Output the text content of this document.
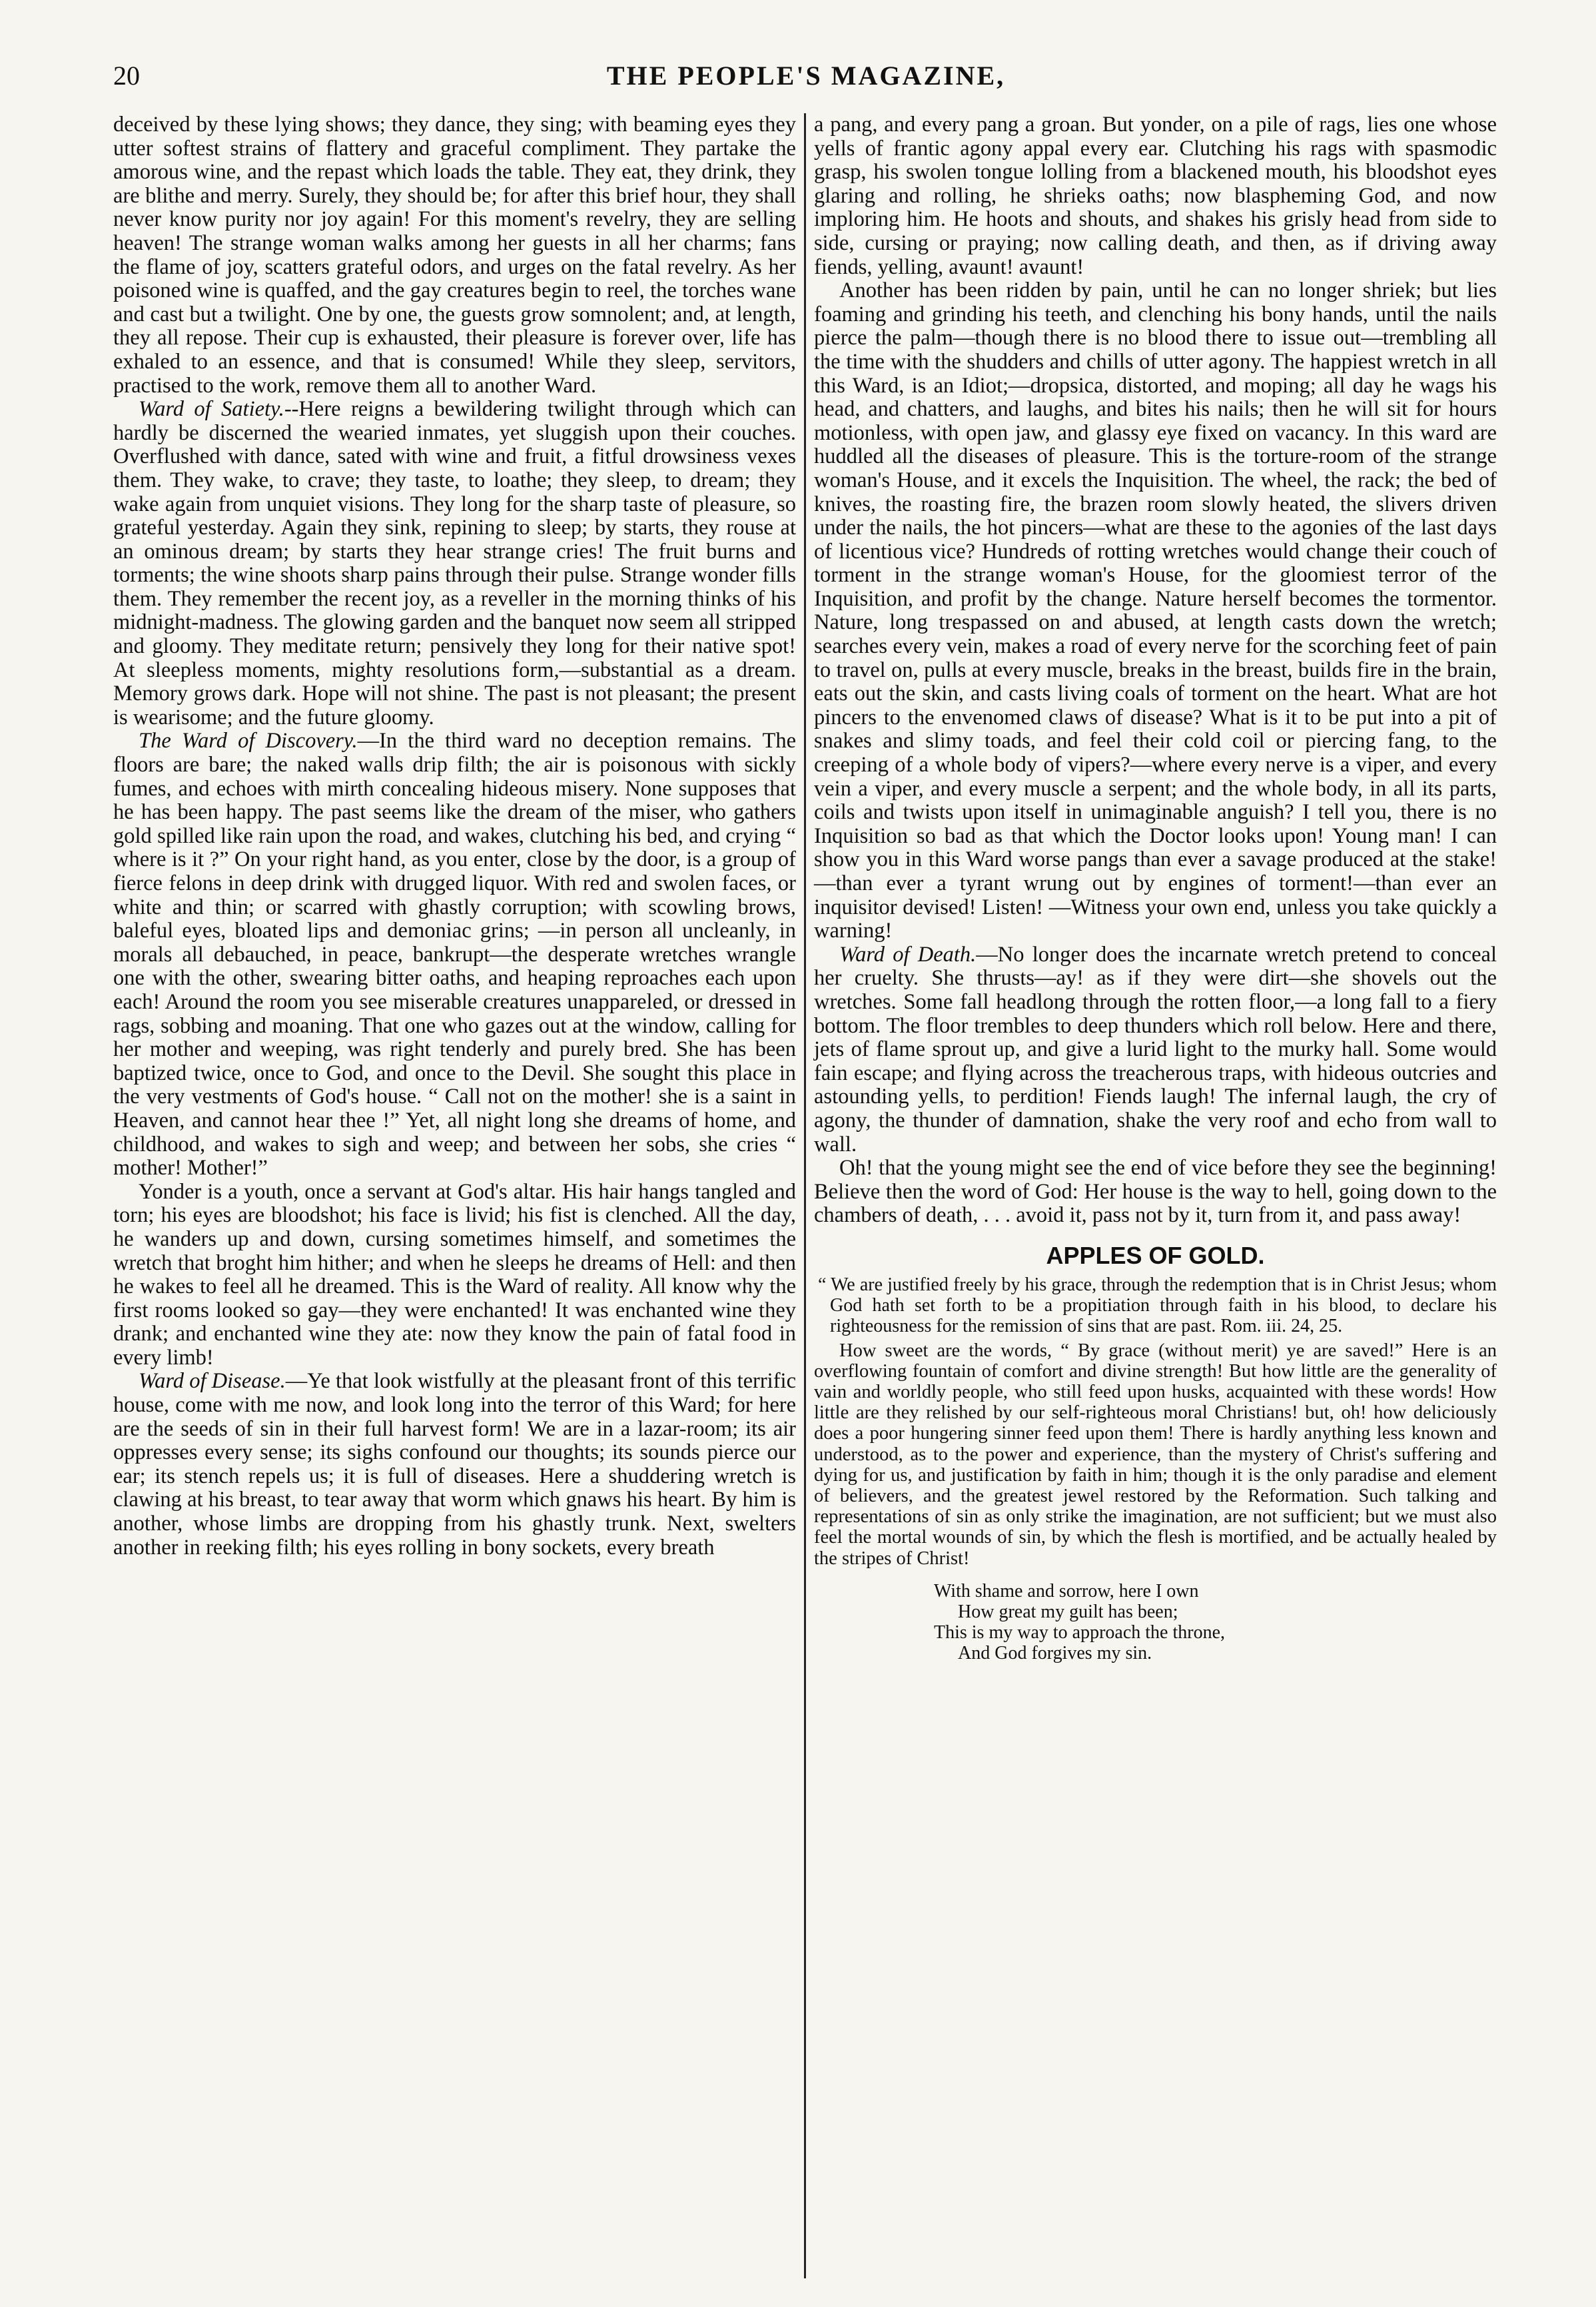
20	THE PEOPLE'S MAGAZINE,

deceived by these lying shows; they dance, they sing; with beaming eyes they utter softest strains of flattery and graceful compliment. They partake the amorous wine, and the repast which loads the table. They eat, they drink, they are blithe and merry. Surely, they should be; for after this brief hour, they shall never know purity nor joy again! For this moment's revelry, they are selling heaven! The strange woman walks among her guests in all her charms; fans the flame of joy, scatters grateful odors, and urges on the fatal revelry. As her poisoned wine is quaffed, and the gay creatures begin to reel, the torches wane and cast but a twilight. One by one, the guests grow somnolent; and, at length, they all repose. Their cup is exhausted, their pleasure is forever over, life has exhaled to an essence, and that is consumed! While they sleep, servitors, practised to the work, remove them all to another Ward.

Ward of Satiety.--Here reigns a bewildering twilight through which can hardly be discerned the wearied inmates, yet sluggish upon their couches. Overflushed with dance, sated with wine and fruit, a fitful drowsiness vexes them. They wake, to crave; they taste, to loathe; they sleep, to dream; they wake again from unquiet visions. They long for the sharp taste of pleasure, so grateful yesterday. Again they sink, repining to sleep; by starts, they rouse at an ominous dream; by starts they hear strange cries! The fruit burns and torments; the wine shoots sharp pains through their pulse. Strange wonder fills them. They remember the recent joy, as a reveller in the morning thinks of his midnight-madness. The glowing garden and the banquet now seem all stripped and gloomy. They meditate return; pensively they long for their native spot! At sleepless moments, mighty resolutions form,—substantial as a dream. Memory grows dark. Hope will not shine. The past is not pleasant; the present is wearisome; and the future gloomy.

The Ward of Discovery.—In the third ward no deception remains. The floors are bare; the naked walls drip filth; the air is poisonous with sickly fumes, and echoes with mirth concealing hideous misery. None supposes that he has been happy. The past seems like the dream of the miser, who gathers gold spilled like rain upon the road, and wakes, clutching his bed, and crying “ where is it ?” On your right hand, as you enter, close by the door, is a group of fierce felons in deep drink with drugged liquor. With red and swolen faces, or white and thin; or scarred with ghastly corruption; with scowling brows, baleful eyes, bloated lips and demoniac grins; —in person all uncleanly, in morals all debauched, in peace, bankrupt—the desperate wretches wrangle one with the other, swearing bitter oaths, and heaping reproaches each upon each! Around the room you see miserable creatures unappareled, or dressed in rags, sobbing and moaning. That one who gazes out at the window, calling for her mother and weeping, was right tenderly and purely bred. She has been baptized twice, once to God, and once to the Devil. She sought this place in the very vestments of God's house. “ Call not on the mother! she is a saint in Heaven, and cannot hear thee !” Yet, all night long she dreams of home, and childhood, and wakes to sigh and weep; and between her sobs, she cries “ mother! Mother!”

Yonder is a youth, once a servant at God's altar. His hair hangs tangled and torn; his eyes are bloodshot; his face is livid; his fist is clenched. All the day, he wanders up and down, cursing sometimes himself, and sometimes the wretch that broght him hither; and when he sleeps he dreams of Hell: and then he wakes to feel all he dreamed. This is the Ward of reality. All know why the first rooms looked so gay—they were enchanted! It was enchanted wine they drank; and enchanted wine they ate: now they know the pain of fatal food in every limb!

Ward of Disease.—Ye that look wistfully at the pleasant front of this terrific house, come with me now, and look long into the terror of this Ward; for here are the seeds of sin in their full harvest form! We are in a lazar-room; its air oppresses every sense; its sighs confound our thoughts; its sounds pierce our ear; its stench repels us; it is full of diseases. Here a shuddering wretch is clawing at his breast, to tear away that worm which gnaws his heart. By him is another, whose limbs are dropping from his ghastly trunk. Next, swelters another in reeking filth; his eyes rolling in bony sockets, every breath

a pang, and every pang a groan. But yonder, on a pile of rags, lies one whose yells of frantic agony appal every ear. Clutching his rags with spasmodic grasp, his swolen tongue lolling from a blackened mouth, his bloodshot eyes glaring and rolling, he shrieks oaths; now blaspheming God, and now imploring him. He hoots and shouts, and shakes his grisly head from side to side, cursing or praying; now calling death, and then, as if driving away fiends, yelling, avaunt! avaunt!

Another has been ridden by pain, until he can no longer shriek; but lies foaming and grinding his teeth, and clenching his bony hands, until the nails pierce the palm—though there is no blood there to issue out—trembling all the time with the shudders and chills of utter agony. The happiest wretch in all this Ward, is an Idiot;—dropsica, distorted, and moping; all day he wags his head, and chatters, and laughs, and bites his nails; then he will sit for hours motionless, with open jaw, and glassy eye fixed on vacancy. In this ward are huddled all the diseases of pleasure. This is the torture-room of the strange woman's House, and it excels the Inquisition. The wheel, the rack; the bed of knives, the roasting fire, the brazen room slowly heated, the slivers driven under the nails, the hot pincers—what are these to the agonies of the last days of licentious vice? Hundreds of rotting wretches would change their couch of torment in the strange woman's House, for the gloomiest terror of the Inquisition, and profit by the change. Nature herself becomes the tormentor. Nature, long trespassed on and abused, at length casts down the wretch; searches every vein, makes a road of every nerve for the scorching feet of pain to travel on, pulls at every muscle, breaks in the breast, builds fire in the brain, eats out the skin, and casts living coals of torment on the heart. What are hot pincers to the envenomed claws of disease? What is it to be put into a pit of snakes and slimy toads, and feel their cold coil or piercing fang, to the creeping of a whole body of vipers?—where every nerve is a viper, and every vein a viper, and every muscle a serpent; and the whole body, in all its parts, coils and twists upon itself in unimaginable anguish? I tell you, there is no Inquisition so bad as that which the Doctor looks upon! Young man! I can show you in this Ward worse pangs than ever a savage produced at the stake!—than ever a tyrant wrung out by engines of torment!—than ever an inquisitor devised! Listen! —Witness your own end, unless you take quickly a warning!

Ward of Death.—No longer does the incarnate wretch pretend to conceal her cruelty. She thrusts—ay! as if they were dirt—she shovels out the wretches. Some fall headlong through the rotten floor,—a long fall to a fiery bottom. The floor trembles to deep thunders which roll below. Here and there, jets of flame sprout up, and give a lurid light to the murky hall. Some would fain escape; and flying across the treacherous traps, with hideous outcries and astounding yells, to perdition! Fiends laugh! The infernal laugh, the cry of agony, the thunder of damnation, shake the very roof and echo from wall to wall.

Oh! that the young might see the end of vice before they see the beginning! Believe then the word of God: Her house is the way to hell, going down to the chambers of death, . . . avoid it, pass not by it, turn from it, and pass away!

APPLES OF GOLD.

“ We are justified freely by his grace, through the redemption that is in Christ Jesus; whom God hath set forth to be a propitiation through faith in his blood, to declare his righteousness for the remission of sins that are past. Rom. iii. 24, 25.

How sweet are the words, “ By grace (without merit) ye are saved!” Here is an overflowing fountain of comfort and divine strength! But how little are the generality of vain and worldly people, who still feed upon husks, acquainted with these words! How little are they relished by our self-righteous moral Christians! but, oh! how deliciously does a poor hungering sinner feed upon them! There is hardly anything less known and understood, as to the power and experience, than the mystery of Christ's suffering and dying for us, and justification by faith in him; though it is the only paradise and element of believers, and the greatest jewel restored by the Reformation. Such talking and representations of sin as only strike the imagination, are not sufficient; but we must also feel the mortal wounds of sin, by which the flesh is mortified, and be actually healed by the stripes of Christ!

With shame and sorrow, here I own
How great my guilt has been;
This is my way to approach the throne,
And God forgives my sin.
